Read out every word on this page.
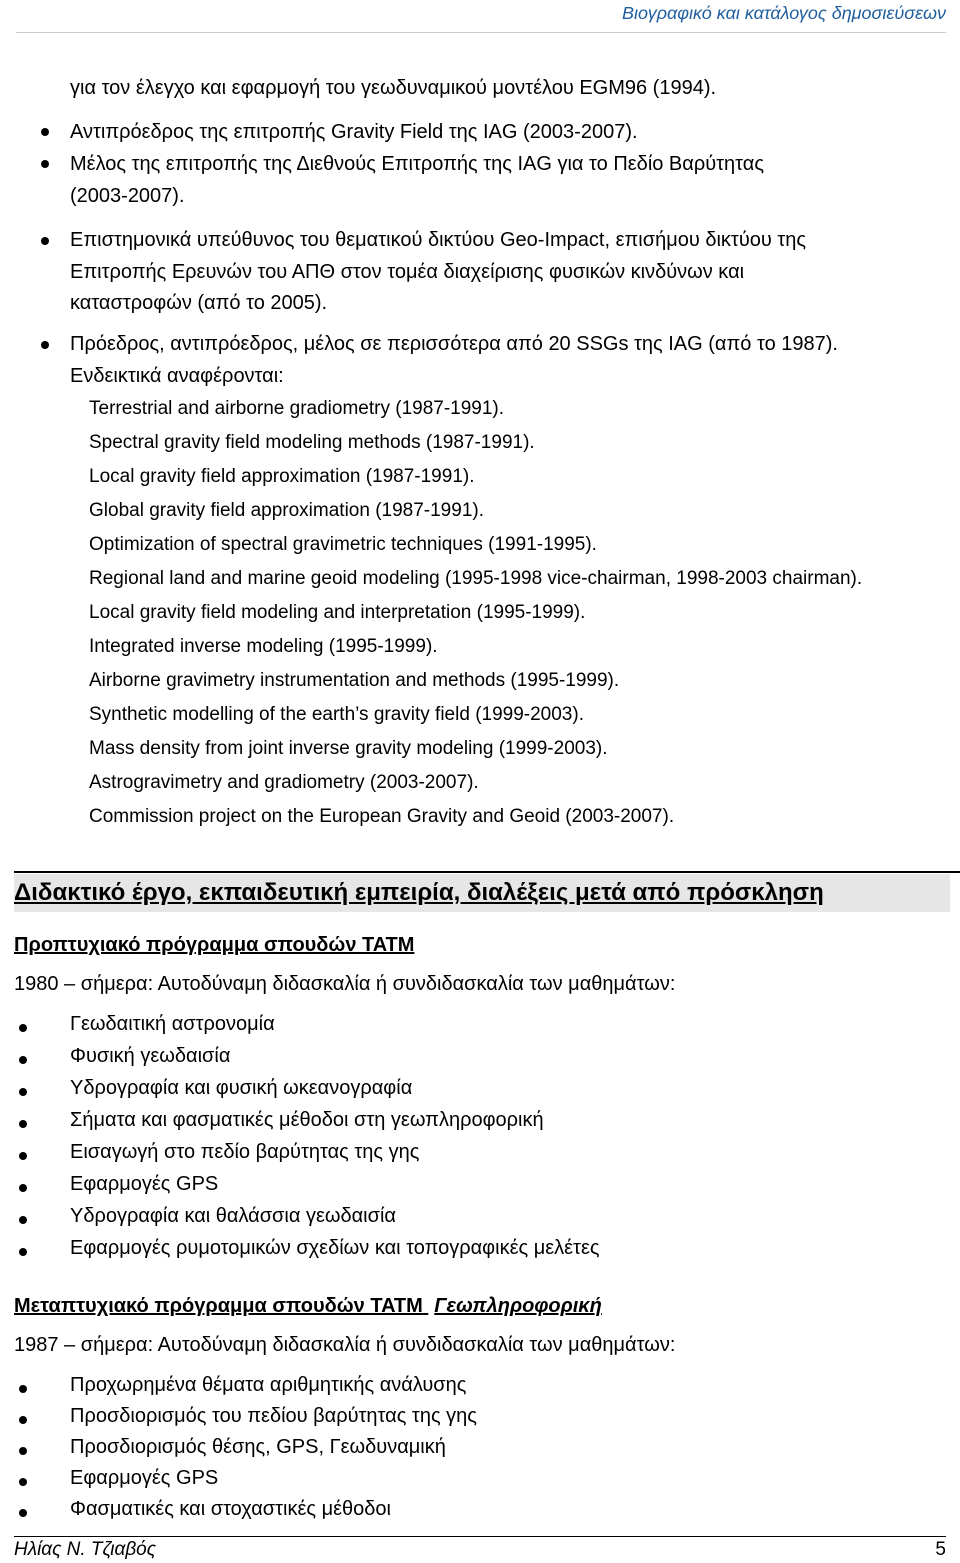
Βιογραφικό και κατάλογος δημοσιεύσεων
για τον έλεγχο και εφαρμογή του γεωδυναμικού μοντέλου EGM96 (1994).
Αντιπρόεδρος της επιτροπής Gravity Field της IAG (2003-2007).
Μέλος της επιτροπής της Διεθνούς Επιτροπής της IAG για το Πεδίο Βαρύτητας
(2003-2007).
Επιστημονικά υπεύθυνος του θεματικού δικτύου Geo-Impact, επισήμου δικτύου της
Επιτροπής Ερευνών του ΑΠΘ στον τομέα διαχείρισης φυσικών κινδύνων και
καταστροφών (από το 2005).
Πρόεδρος, αντιπρόεδρος, μέλος σε περισσότερα από 20 SSGs της IAG (από το 1987).
Ενδεικτικά αναφέρονται:
Terrestrial and airborne gradiometry (1987-1991).
Spectral gravity field modeling methods (1987-1991).
Local gravity field approximation (1987-1991).
Global gravity field approximation (1987-1991).
Optimization of spectral gravimetric techniques (1991-1995).
Regional land and marine geoid modeling (1995-1998 vice-chairman, 1998-2003 chairman).
Local gravity field modeling and interpretation (1995-1999).
Integrated inverse modeling (1995-1999).
Airborne gravimetry instrumentation and methods (1995-1999).
Synthetic modelling of the earth’s gravity field (1999-2003).
Mass density from joint inverse gravity modeling (1999-2003).
Astrogravimetry and gradiometry (2003-2007).
Commission project on the European Gravity and Geoid (2003-2007).
Διδακτικό έργο, εκπαιδευτική εμπειρία, διαλέξεις μετά από πρόσκληση
Προπτυχιακό πρόγραμμα σπουδών ΤΑΤΜ
1980 – σήμερα: Αυτοδύναμη διδασκαλία ή συνδιδασκαλία των μαθημάτων:
Γεωδαιτική αστρονομία
Φυσική γεωδαισία
Υδρογραφία και φυσική ωκεανογραφία
Σήματα και φασματικές μέθοδοι στη γεωπληροφορική
Εισαγωγή στο πεδίο βαρύτητας της γης
Εφαρμογές GPS
Υδρογραφία και θαλάσσια γεωδαισία
Εφαρμογές ρυμοτομικών σχεδίων και τοπογραφικές μελέτες
Μεταπτυχιακό πρόγραμμα σπουδών ΤΑΤΜ Γεωπληροφορική
1987 – σήμερα: Αυτοδύναμη διδασκαλία ή συνδιδασκαλία των μαθημάτων:
Προχωρημένα θέματα αριθμητικής ανάλυσης
Προσδιορισμός του πεδίου βαρύτητας της γης
Προσδιορισμός θέσης, GPS, Γεωδυναμική
Εφαρμογές GPS
Φασματικές και στοχαστικές μέθοδοι
Ηλίας Ν. Τζιαβός	5
